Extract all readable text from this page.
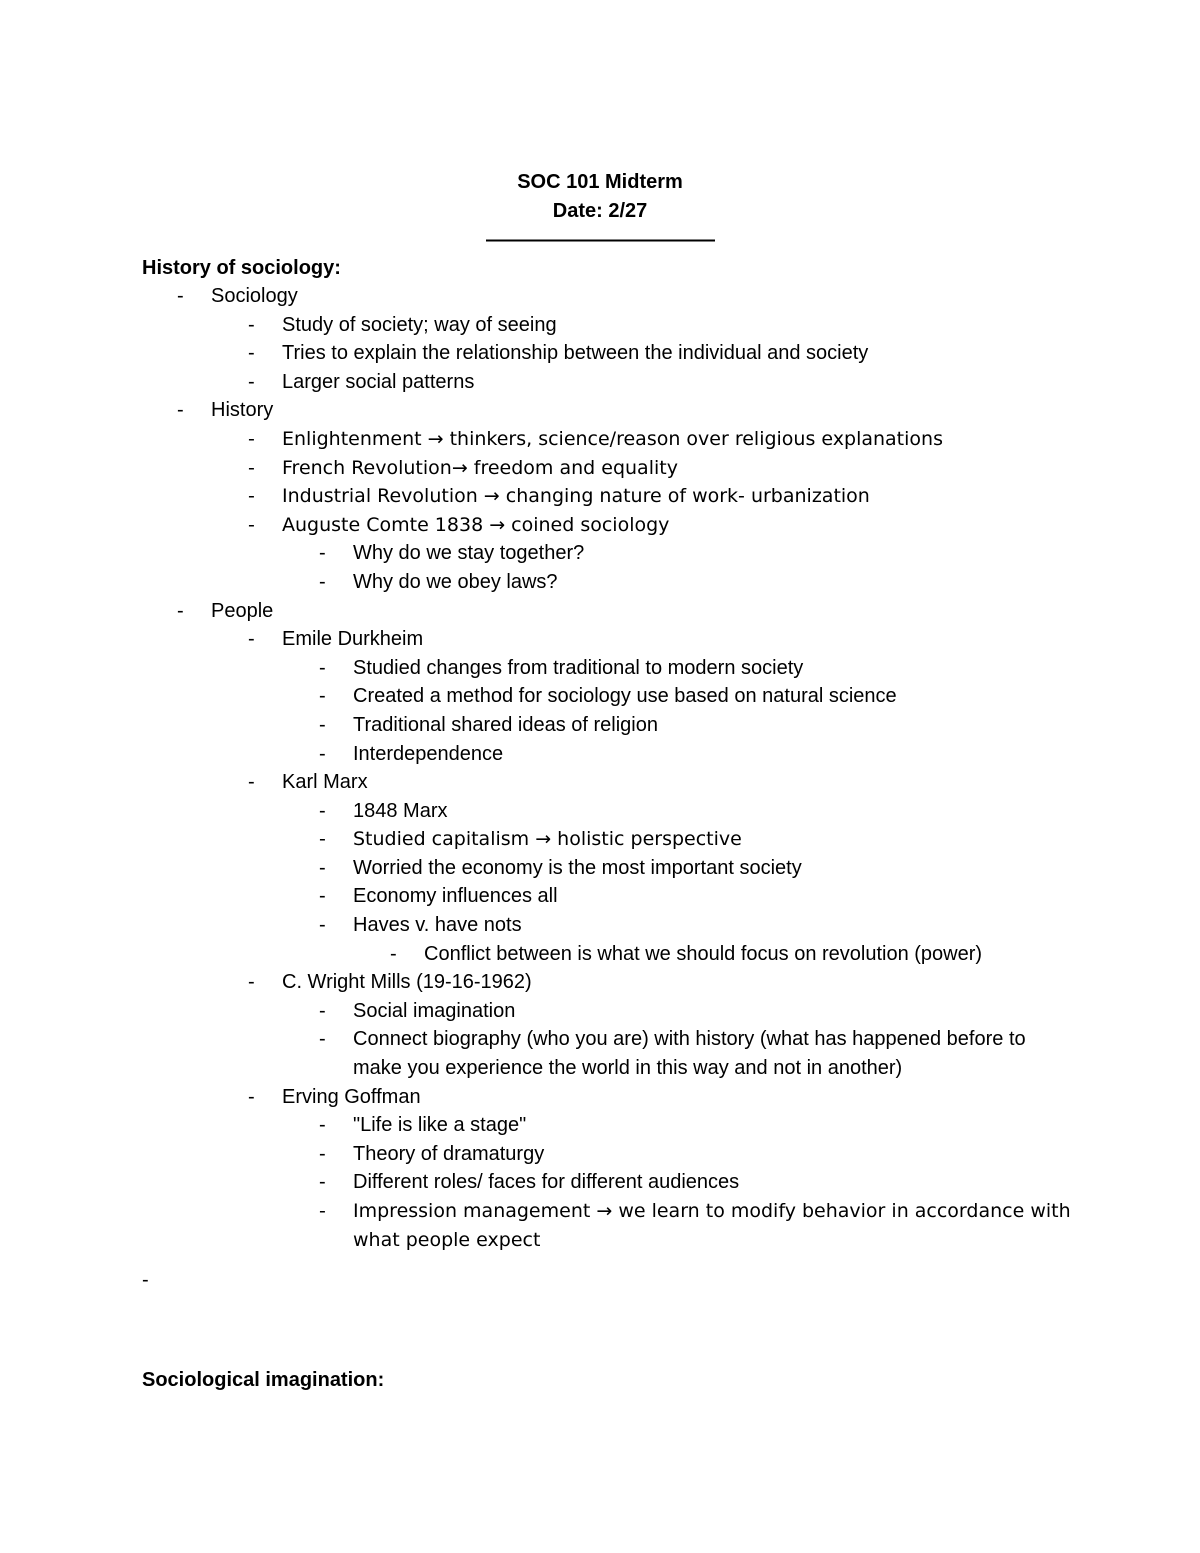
SOC 101 Midterm
Date: 2/27
————————————
History of sociology:
- Sociology
- Study of society; way of seeing
- Tries to explain the relationship between the individual and society
- Larger social patterns
- History
- Enlightenment → thinkers, science/reason over religious explanations
- French Revolution→ freedom and equality
- Industrial Revolution → changing nature of work- urbanization
- Auguste Comte 1838 → coined sociology
- Why do we stay together?
- Why do we obey laws?
- People
- Emile Durkheim
- Studied changes from traditional to modern society
- Created a method for sociology use based on natural science
- Traditional shared ideas of religion
- Interdependence
- Karl Marx
- 1848 Marx
- Studied capitalism → holistic perspective
- Worried the economy is the most important society
- Economy influences all
- Haves v. have nots
- Conflict between is what we should focus on revolution (power)
- C. Wright Mills (19-16-1962)
- Social imagination
- Connect biography (who you are) with history (what has happened before to make you experience the world in this way and not in another)
- Erving Goffman
- "Life is like a stage"
- Theory of dramaturgy
- Different roles/ faces for different audiences
- Impression management → we learn to modify behavior in accordance with what people expect
-
Sociological imagination:
